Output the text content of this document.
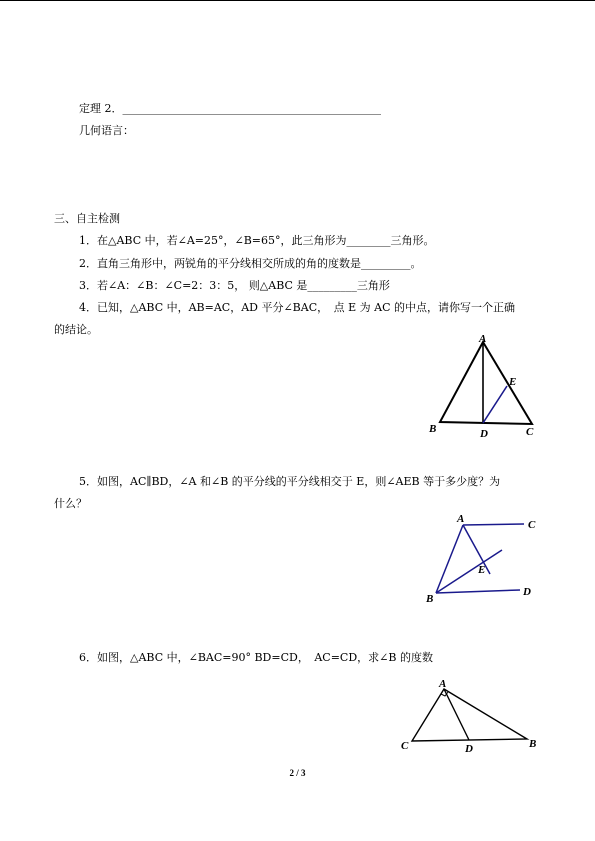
定理 2．_______________________________________________
几何语言：
三、自主检测
1．在△ABC 中，若∠A=25°，∠B=65°，此三角形为________三角形。
2．直角三角形中，两锐角的平分线相交所成的角的度数是_________。
3．若∠A：∠B：∠C=2：3：5， 则△ABC 是_________三角形
4．已知，△ABC 中，AB=AC，AD 平分∠BAC，　点 E 为 AC 的中点，请你写一个正确
的结论。
A
B	C
D
E
5．如图，AC∥BD，∠A 和∠B 的平分线的平分线相交于 E，则∠AEB 等于多少度？为
什么？
A	C
B
D
E
6．如图，△ABC 中，∠BAC=90° BD=CD，　AC=CD，求∠B 的度数
A
C	D	B
2 / 3
